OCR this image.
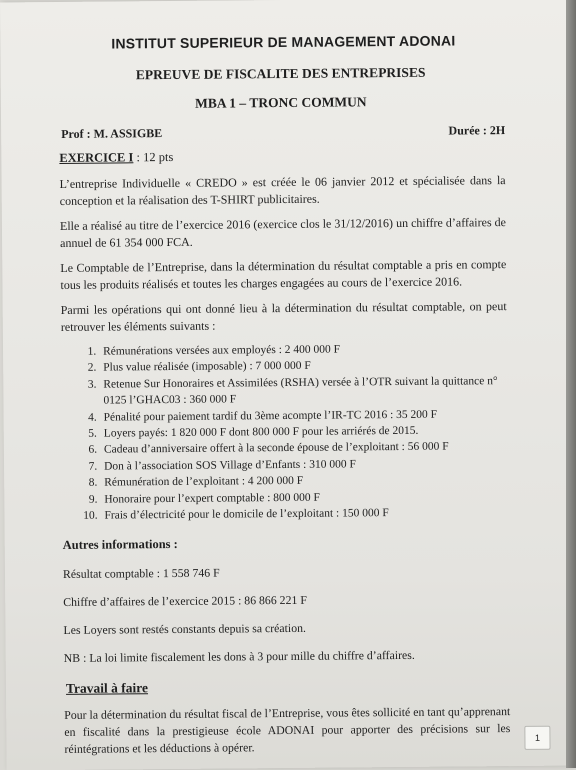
INSTITUT SUPERIEUR DE MANAGEMENT ADONAI
EPREUVE DE FISCALITE DES ENTREPRISES
MBA 1 – TRONC COMMUN
Prof : M. ASSIGBE	Durée : 2H
EXERCICE I : 12 pts

L’entreprise Individuelle « CREDO » est créée le 06 janvier 2012 et spécialisée dans la conception et la réalisation des T-SHIRT publicitaires.

Elle a réalisé au titre de l’exercice 2016 (exercice clos le 31/12/2016) un chiffre d’affaires de annuel de 61 354 000 FCA.

Le Comptable de l’Entreprise, dans la détermination du résultat comptable a pris en compte tous les produits réalisés et toutes les charges engagées au cours de l’exercice 2016.

Parmi les opérations qui ont donné lieu à la détermination du résultat comptable, on peut retrouver les éléments suivants :

1. Rémunérations versées aux employés : 2 400 000 F
2. Plus value réalisée (imposable) : 7 000 000 F
3. Retenue Sur Honoraires et Assimilées (RSHA) versée à l’OTR suivant la quittance n° 0125 l’GHAC03 : 360 000 F
4. Pénalité pour paiement tardif du 3ème acompte l’IR-TC 2016 : 35 200 F
5. Loyers payés: 1 820 000 F dont 800 000 F pour les arriérés de 2015.
6. Cadeau d’anniversaire offert à la seconde épouse de l’exploitant : 56 000 F
7. Don à l’association SOS Village d’Enfants : 310 000 F
8. Rémunération de l’exploitant : 4 200 000 F
9. Honoraire pour l’expert comptable : 800 000 F
10. Frais d’électricité pour le domicile de l’exploitant : 150 000 F
Autres informations :
Résultat comptable : 1 558 746 F
Chiffre d’affaires de l’exercice 2015 : 86 866 221 F
Les Loyers sont restés constants depuis sa création.
NB : La loi limite fiscalement les dons à 3 pour mille du chiffre d’affaires.
Travail à faire

Pour la détermination du résultat fiscal de l’Entreprise, vous êtes sollicité en tant qu’apprenant en fiscalité dans la prestigieuse école ADONAI pour apporter des précisions sur les réintégrations et les déductions à opérer.

1
